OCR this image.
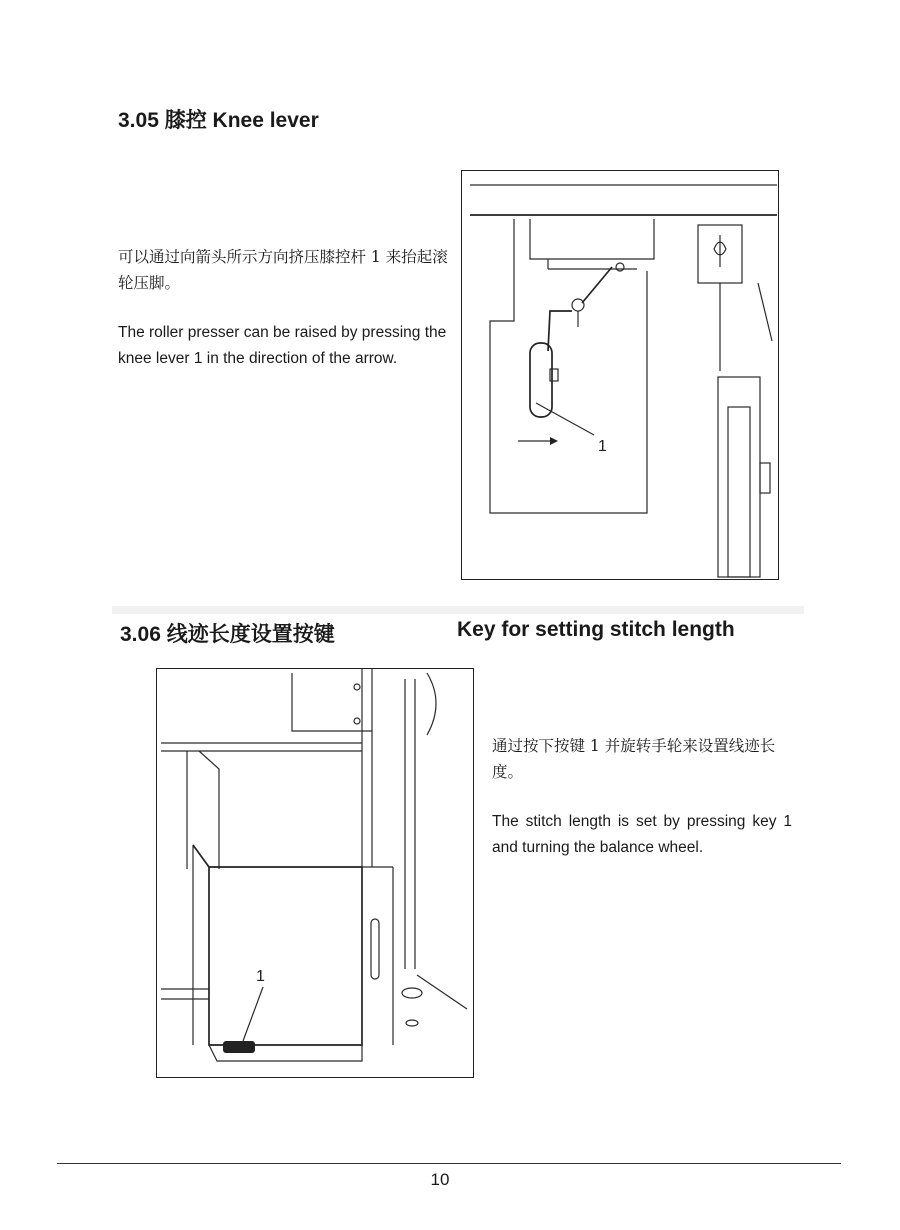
3.05 膝控 Knee lever
可以通过向箭头所示方向挤压膝控杆 1 来抬起滚轮压脚。
The roller presser can be raised by pressing the knee lever 1 in the direction of the arrow.
1
3.06 线迹长度设置按键	Key for setting stitch length
1
通过按下按键 1 并旋转手轮来设置线迹长度。
The stitch length is set by pressing key 1 and turning the balance wheel.
10
